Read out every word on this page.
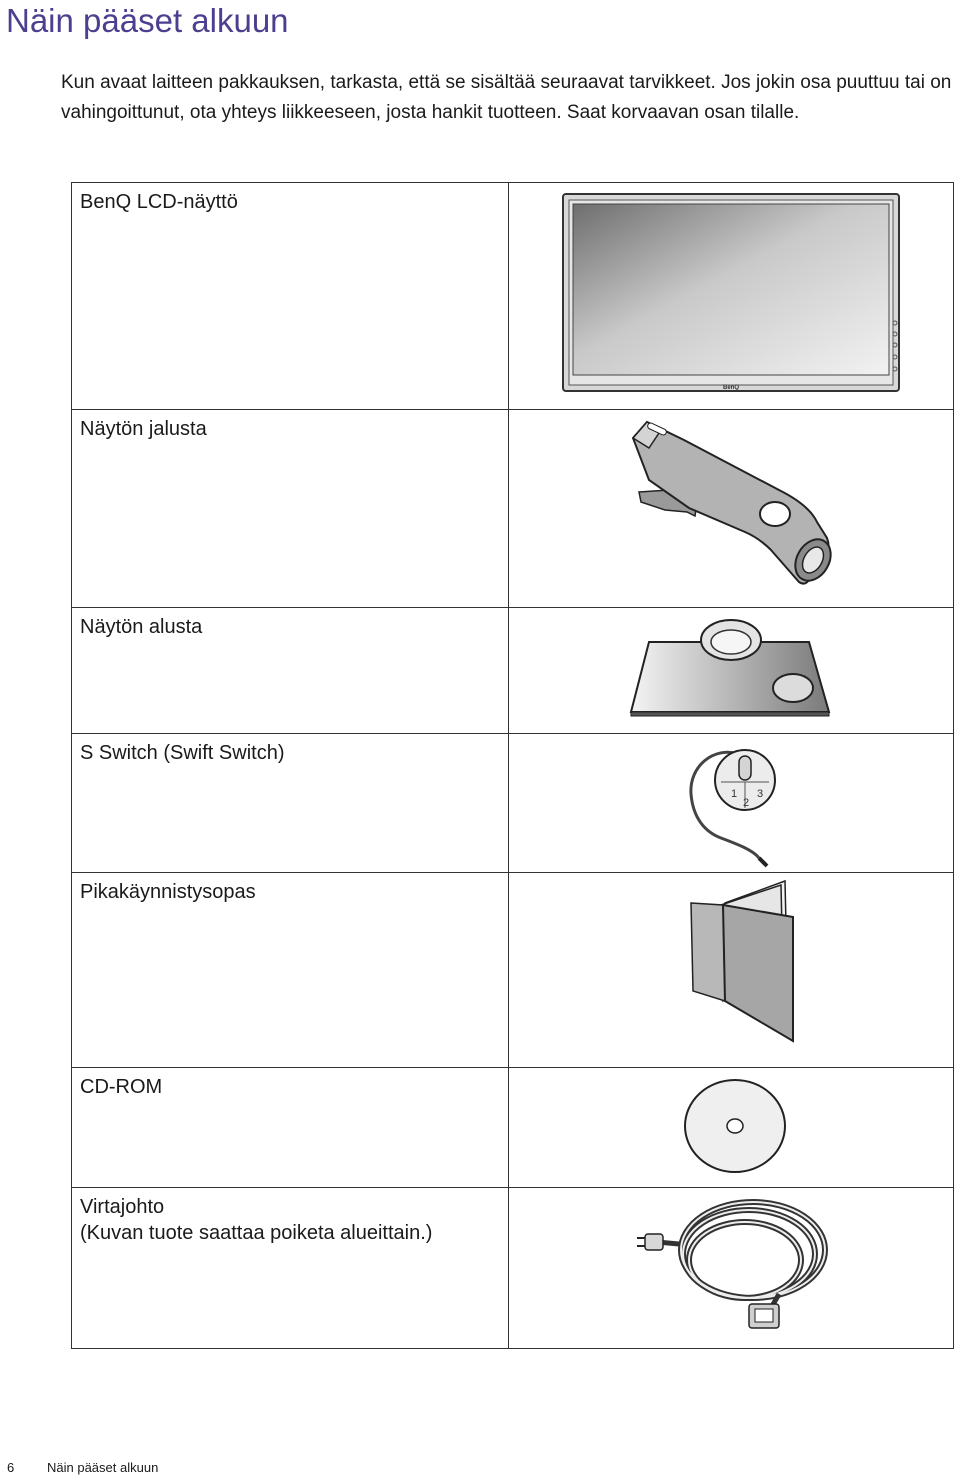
Näin pääset alkuun

Kun avaat laitteen pakkauksen, tarkasta, että se sisältää seuraavat tarvikkeet. Jos jokin osa puuttuu tai on vahingoittunut, ota yhteys liikkeeseen, josta hankit tuotteen. Saat korvaavan osan tilalle.

BenQ LCD-näyttö	BenQ

Näytön jalusta	

Näytön alusta	

S Switch (Swift Switch)	1
2
3

Pikakäynnistysopas	

CD-ROM	

Virtajohto
(Kuvan tuote saattaa poiketa alueittain.)

6	Näin pääset alkuun
